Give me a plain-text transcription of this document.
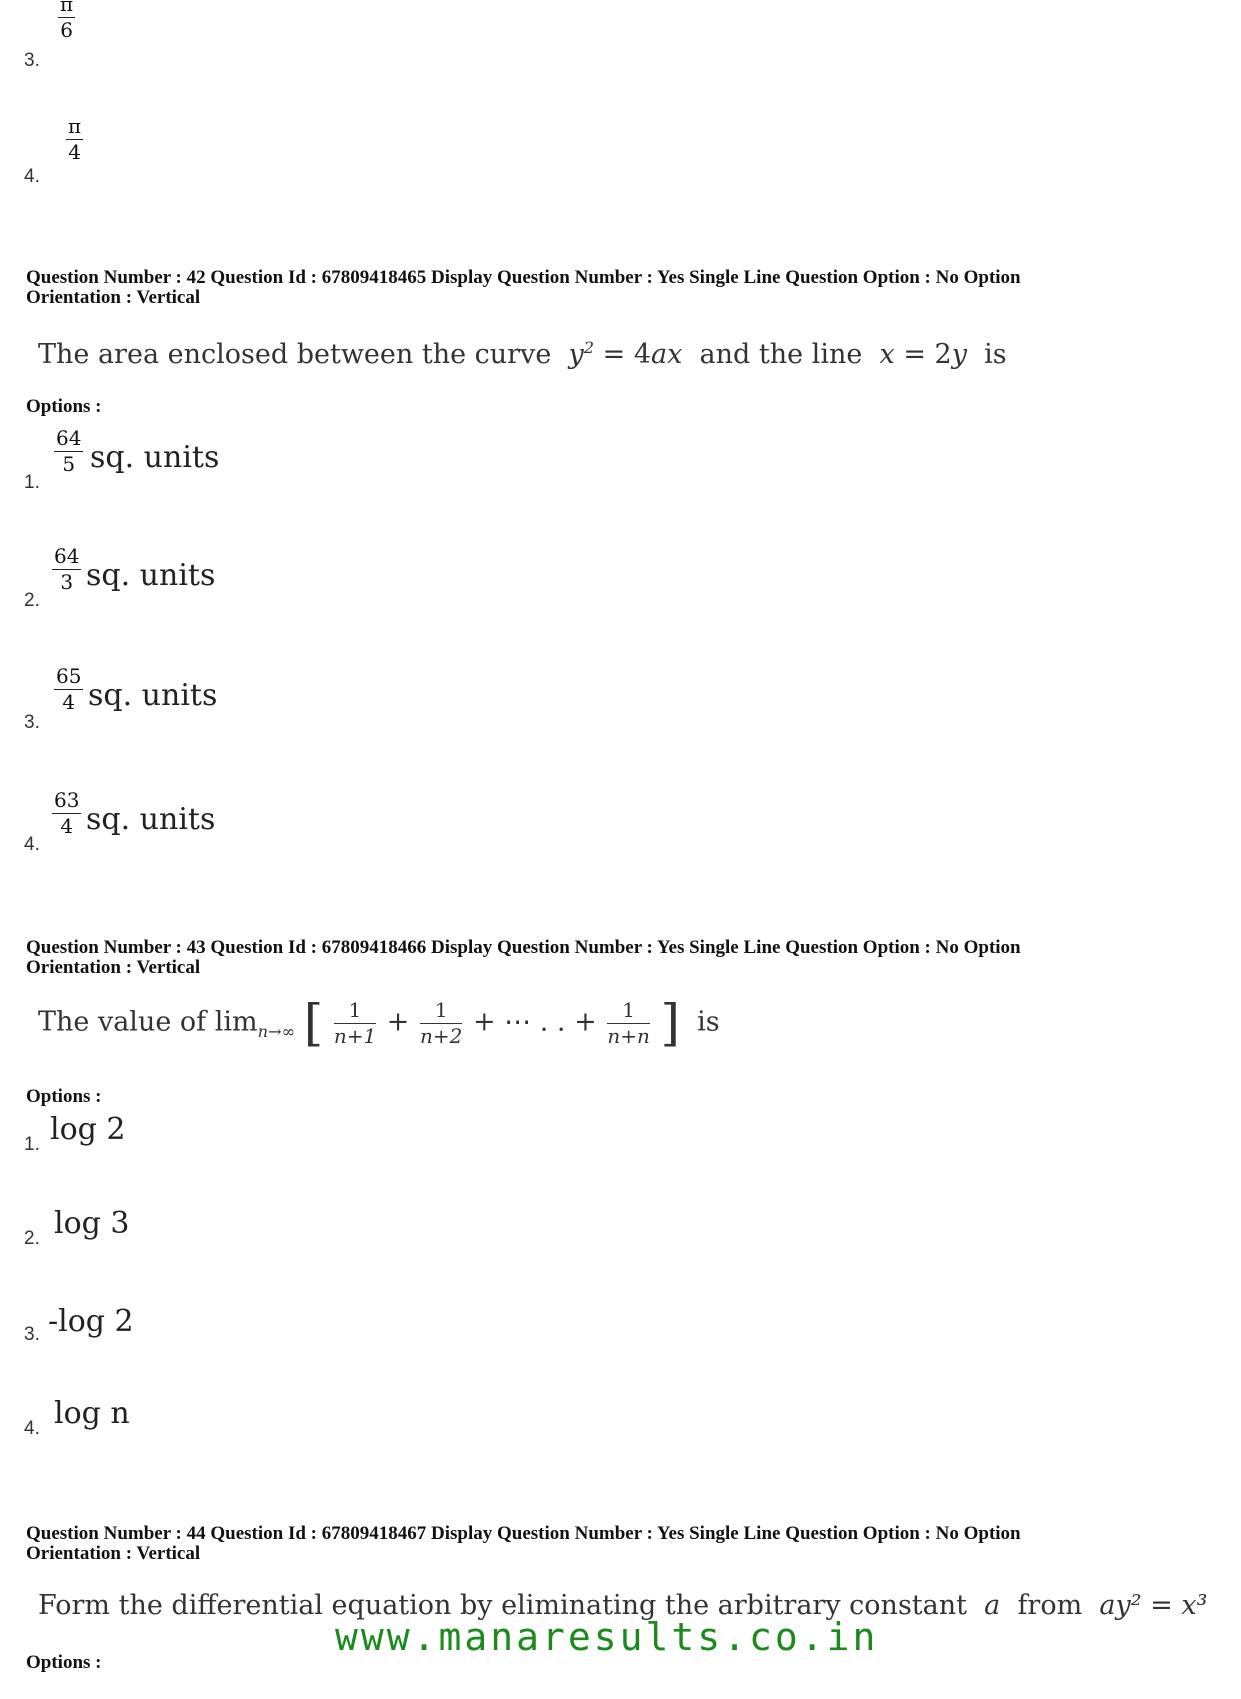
3.
π
6
4.
π
4
Question Number : 42 Question Id : 67809418465 Display Question Number : Yes Single Line Question Option : No Option
Orientation : Vertical
The area enclosed between the curve $y^2 = 4ax$ and the line x = 2y is
Options :
1.
64
5 sq. units
2.
64
3 sq. units
3.
65
4 sq. units
4.
63
4 sq. units
Question Number : 43 Question Id : 67809418466 Display Question Number : Yes Single Line Question Option : No Option
Orientation : Vertical
The value of $\lim_{n\to\infty}$ [ $\frac{1}{n+1} + \frac{1}{n+2}$ + ⋯ . . + $\frac{1}{n+n}$ ] is
Options :
1. log 2
2. log 3
3. -log 2
4. log n
Question Number : 44 Question Id : 67809418467 Display Question Number : Yes Single Line Question Option : No Option
Orientation : Vertical
Form the differential equation by eliminating the arbitrary constant a from ay² = x³
Options :
www.manaresults.co.in
